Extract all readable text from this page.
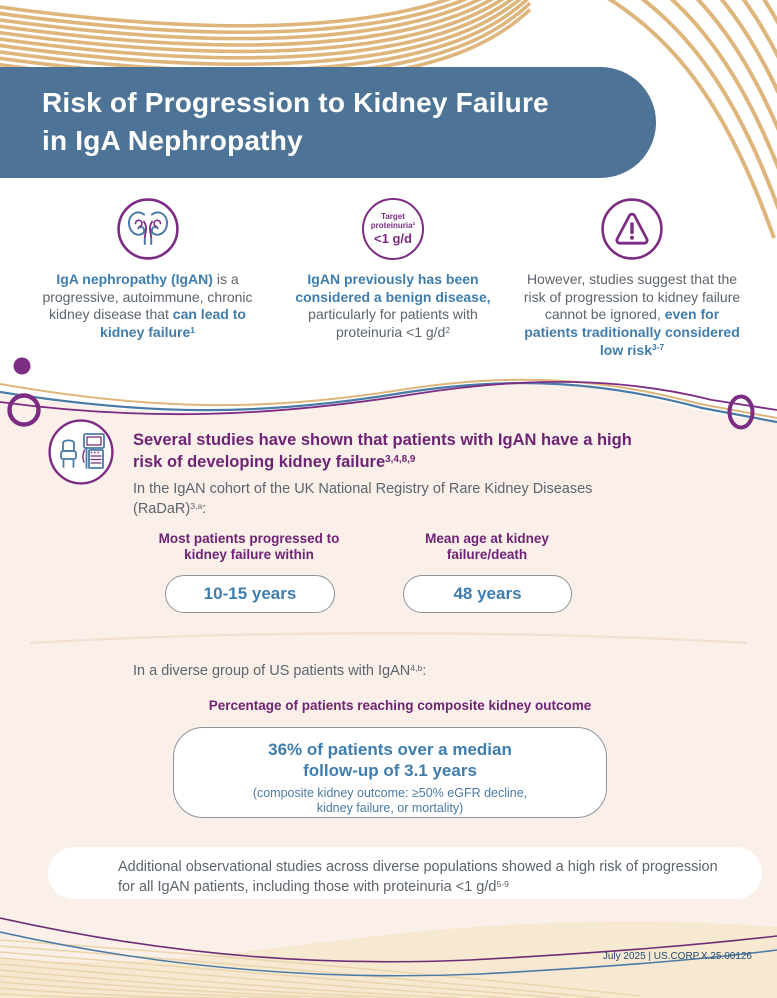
Risk of Progression to Kidney Failure
in IgA Nephropathy

IgA nephropathy (IgAN) is a progressive, autoimmune, chronic kidney disease that can lead to kidney failure$^1$

Target proteinuria$^2$
<1 g/d

IgAN previously has been considered a benign disease, particularly for patients with proteinuria <1 $g/d^2$

However, studies suggest that the risk of progression to kidney failure cannot be ignored, even for patients traditionally considered low risk$^{3-7}$

Several studies have shown that patients with IgAN have a high risk of developing kidney failure$^{3,4,8,9}$
In the IgAN cohort of the UK National Registry of Rare Kidney Diseases (RaDaR)$^{3,a}$:
Most patients progressed to kidney failure within
Mean age at kidney failure/death
10-15 years	48 years
In a diverse group of US patients with IgAN$^{4,b}$:
Percentage of patients reaching composite kidney outcome
36% of patients over a median
follow-up of 3.1 years
(composite kidney outcome: ≥50% eGFR decline,
kidney failure, or mortality)

Additional observational studies across diverse populations showed a high risk of progression for all IgAN patients, including those with proteinuria <1 $g/d^{5-9}$

July 2025 | US.CORP.X.25.00126
